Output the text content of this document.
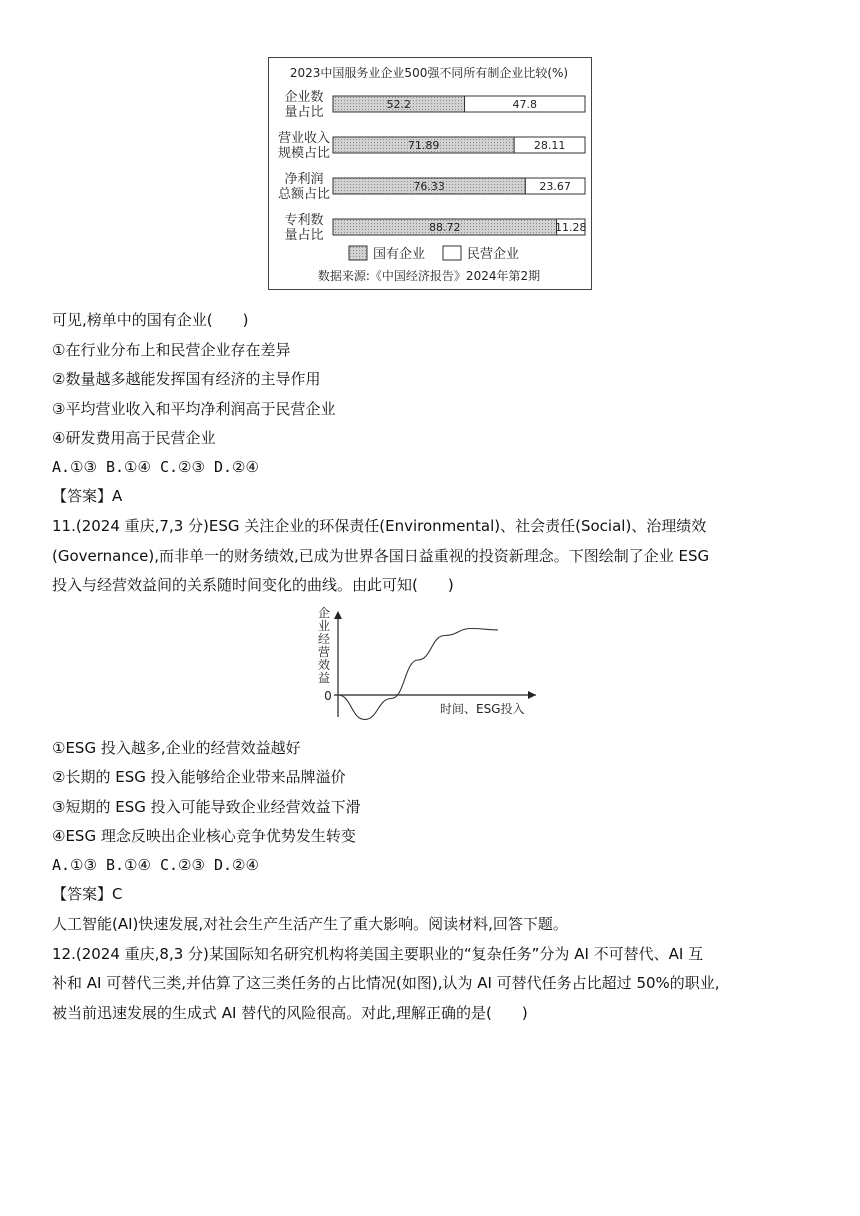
2023中国服务业企业500强不同所有制企业比较(%)
企业数
量占比
52.2	47.8
营业收入
规模占比
71.89	28.11
净利润
总额占比
76.33	23.67
专利数
量占比
88.72	11.28
国有企业	民营企业
数据来源:《中国经济报告》2024年第2期
可见,榜单中的国有企业(　　)
①在行业分布上和民营企业存在差异
②数量越多越能发挥国有经济的主导作用
③平均营业收入和平均净利润高于民营企业
④研发费用高于民营企业
A.①③ B.①④ C.②③ D.②④
【答案】A
11.(2024 重庆,7,3 分)ESG 关注企业的环保责任(Environmental)、社会责任(Social)、治理绩效
(Governance),而非单一的财务绩效,已成为世界各国日益重视的投资新理念。下图绘制了企业 ESG
投入与经营效益间的关系随时间变化的曲线。由此可知(　　)
企
业
经
营
效
益
0
时间、ESG投入
①ESG 投入越多,企业的经营效益越好
②长期的 ESG 投入能够给企业带来品牌溢价
③短期的 ESG 投入可能导致企业经营效益下滑
④ESG 理念反映出企业核心竞争优势发生转变
A.①③ B.①④ C.②③ D.②④
【答案】C
人工智能(AI)快速发展,对社会生产生活产生了重大影响。阅读材料,回答下题。
12.(2024 重庆,8,3 分)某国际知名研究机构将美国主要职业的“复杂任务”分为 AI 不可替代、AI 互
补和 AI 可替代三类,并估算了这三类任务的占比情况(如图),认为 AI 可替代任务占比超过 50%的职业,
被当前迅速发展的生成式 AI 替代的风险很高。对此,理解正确的是(　　)
